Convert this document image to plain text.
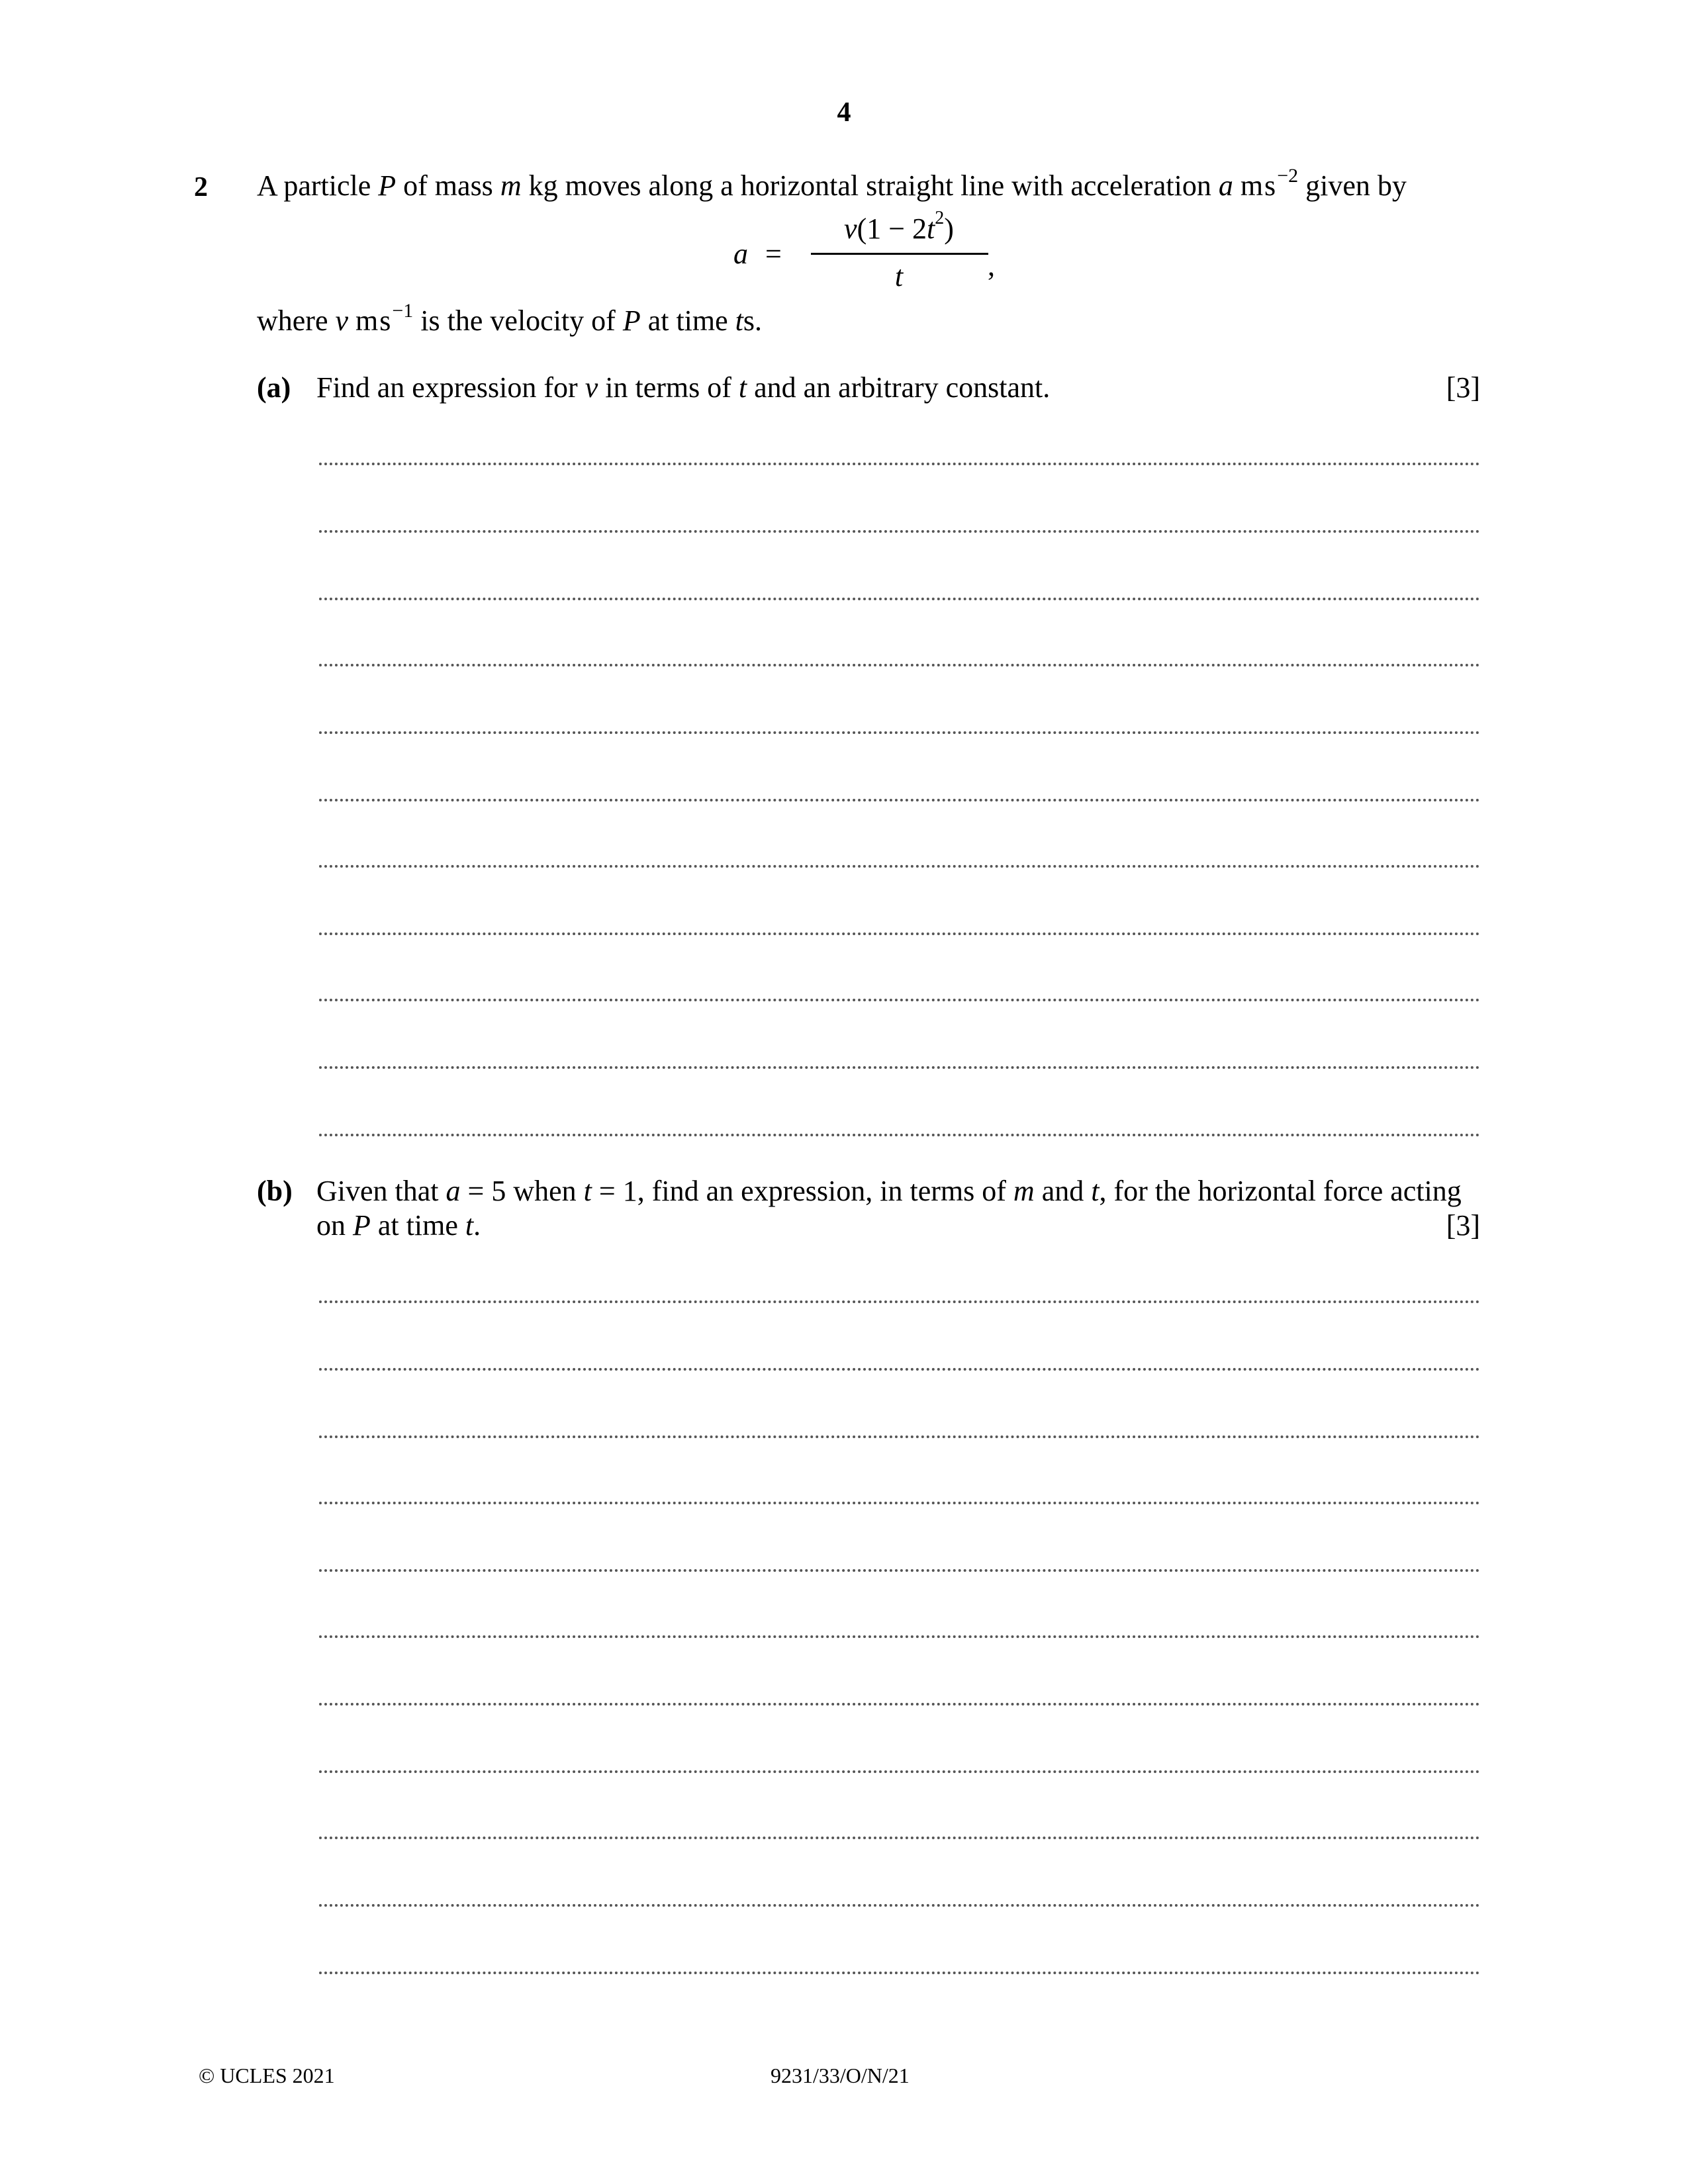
4
2 A particle P of mass m kg moves along a horizontal straight line with acceleration a $ms^{-2}$ given by
a =
$v(1 - 2t^2)$
t	,
where v $ms^{-1}$ is the velocity of P at time ts.
(a) Find an expression for v in terms of t and an arbitrary constant.	[3]
(b) Given that a = 5 when t = 1, find an expression, in terms of m and t, for the horizontal force acting
on P at time t.	[3]
© UCLES 2021	9231/33/O/N/21
